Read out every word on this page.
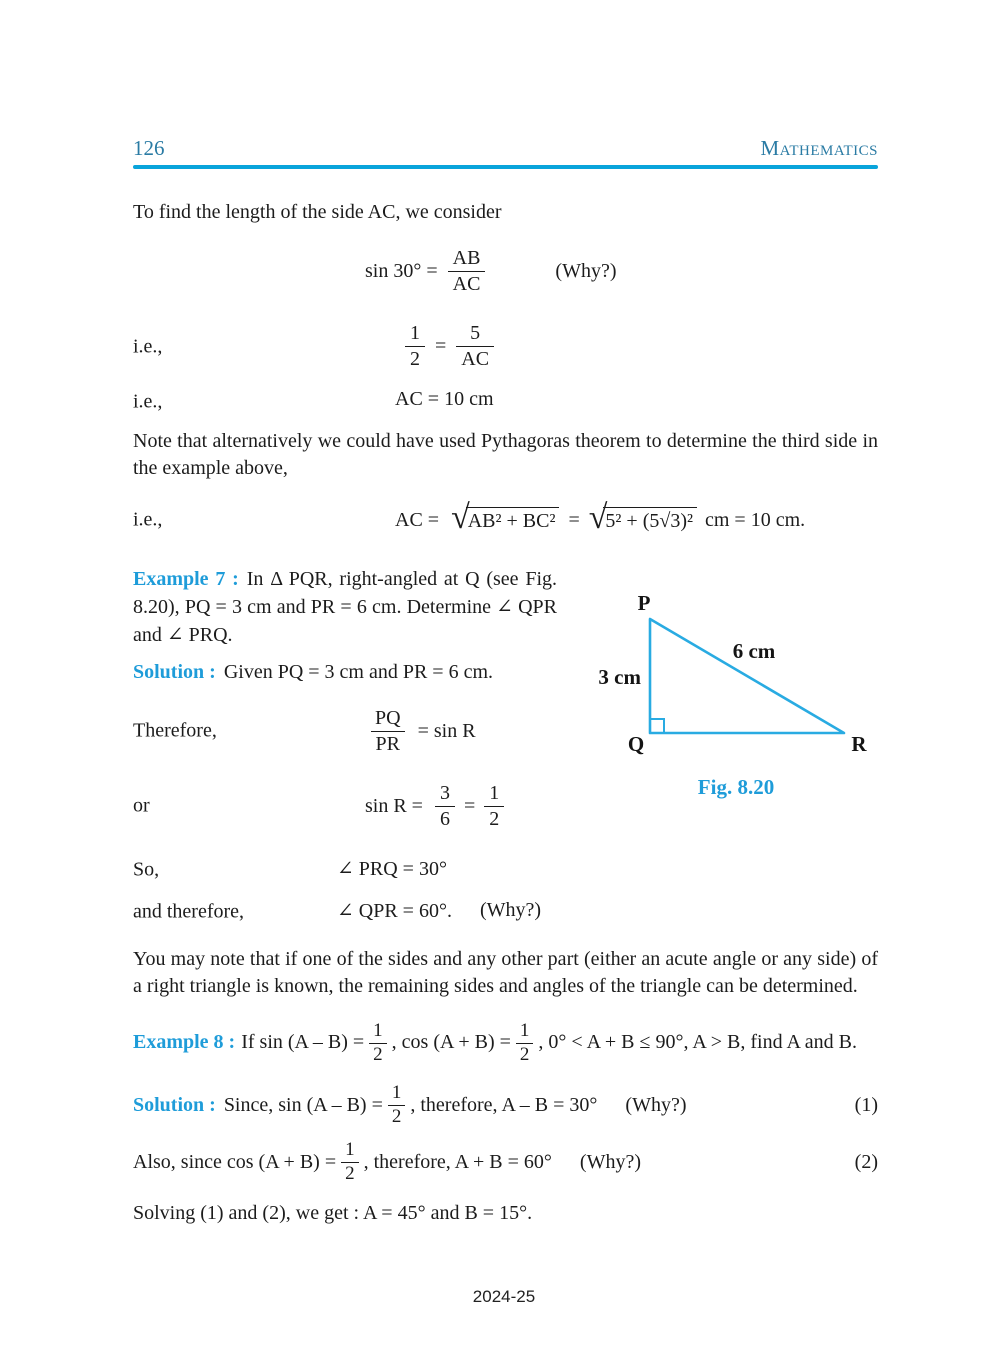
126	Mathematics

To find the length of the side AC, we consider

$\sin 30^\circ = \frac{AB}{AC}$	(Why?)
i.e.,	$\frac{1}{2} = \frac{5}{AC}$
i.e.,	AC = 10 cm

Note that alternatively we could have used Pythagoras theorem to determine the third side in the example above,

i.e.,	AC = √
AB² + BC² = √
5² + (5√3)² cm = 10 cm.

Example 7 : In Δ PQR, right-angled at Q (see Fig. 8.20), PQ = 3 cm and PR = 6 cm. Determine ∠ QPR and ∠ PRQ.

Solution : Given PQ = 3 cm and PR = 6 cm.

P
Q	R
3 cm
6 cm
Fig. 8.20
Therefore,	$\frac{PQ}{PR} = \sin R$
or	$\sin R = \frac{3}{6} = \frac{1}{2}$
So,	∠ PRQ = 30°
and therefore,	∠ QPR = 60°. (Why?)

You may note that if one of the sides and any other part (either an acute angle or any side) of a right triangle is known, the remaining sides and angles of the triangle can be determined.

Example 8 : If $\sin (A - B) = \frac{1}{2}$ , $\cos (A + B) = \frac{1}{2}$ , 0° < A + B ≤ 90°, A > B, find A and B.

Solution : Since, $\sin (A - B) = \frac{1}{2}$ , therefore, A – B = 30° (Why?)	(1)
Also, since $\cos (A + B) = \frac{1}{2}$ , therefore, A + B = 60° (Why?)	(2)

Solving (1) and (2), we get : A = 45° and B = 15°.

2024-25
